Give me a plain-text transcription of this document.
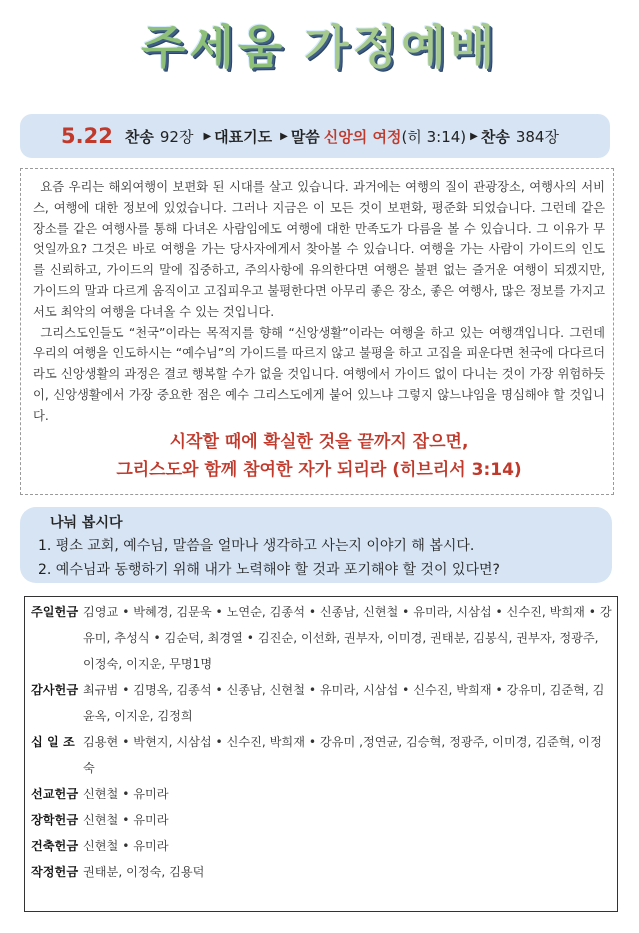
주세움 가정예배
5.22 찬송 92장 ▶ 대표기도 ▶ 말씀 신앙의 여정 (히 3:14) ▶ 찬송 384장

요즘 우리는 해외여행이 보편화 된 시대를 살고 있습니다. 과거에는 여행의 질이 관광장소, 여행사의 서비스, 여행에 대한 정보에 있었습니다. 그러나 지금은 이 모든 것이 보편화, 평준화 되었습니다. 그런데 같은 장소를 같은 여행사를 통해 다녀온 사람임에도 여행에 대한 만족도가 다름을 볼 수 있습니다. 그 이유가 무엇일까요? 그것은 바로 여행을 가는 당사자에게서 찾아볼 수 있습니다. 여행을 가는 사람이 가이드의 인도를 신뢰하고, 가이드의 말에 집중하고, 주의사항에 유의한다면 여행은 불편 없는 즐거운 여행이 되겠지만, 가이드의 말과 다르게 움직이고 고집피우고 불평한다면 아무리 좋은 장소, 좋은 여행사, 많은 정보를 가지고서도 최악의 여행을 다녀올 수 있는 것입니다.

그리스도인들도 “천국”이라는 목적지를 향해 “신앙생활”이라는 여행을 하고 있는 여행객입니다. 그런데 우리의 여행을 인도하시는 “예수님”의 가이드를 따르지 않고 불평을 하고 고집을 피운다면 천국에 다다르더라도 신앙생활의 과정은 결코 행복할 수가 없을 것입니다. 여행에서 가이드 없이 다니는 것이 가장 위험하듯이, 신앙생활에서 가장 중요한 점은 예수 그리스도에게 붙어 있느냐 그렇지 않느냐임을 명심해야 할 것입니다.

시작할 때에 확실한 것을 끝까지 잡으면,

그리스도와 함께 참여한 자가 되리라 (히브리서 3:14)

나눠 봅시다
1. 평소 교회, 예수님, 말씀을 얼마나 생각하고 사는지 이야기 해 봅시다.
2. 예수님과 동행하기 위해 내가 노력해야 할 것과 포기해야 할 것이 있다면?
주일헌금 김영교 • 박혜경, 김문욱 • 노연순, 김종석 • 신종남, 신현철 • 유미라, 시삼섭 • 신수진, 박희재 • 강유미, 추성식 • 김순덕, 최경열 • 김진순, 이선화, 권부자, 이미경, 권태분, 김봉식, 권부자, 정광주, 이정숙, 이지운, 무명1명
감사헌금 최규범 • 김명옥, 김종석 • 신종남, 신현철 • 유미라, 시삼섭 • 신수진, 박희재 • 강유미, 김준혁, 김윤옥, 이지운, 김정희
십 일 조 김용현 • 박현지, 시삼섭 • 신수진, 박희재 • 강유미 ,정연균, 김승혁, 정광주, 이미경, 김준혁, 이정숙
선교헌금 신현철 • 유미라
장학헌금 신현철 • 유미라
건축헌금 신현철 • 유미라
작정헌금 권태분, 이정숙, 김용덕
